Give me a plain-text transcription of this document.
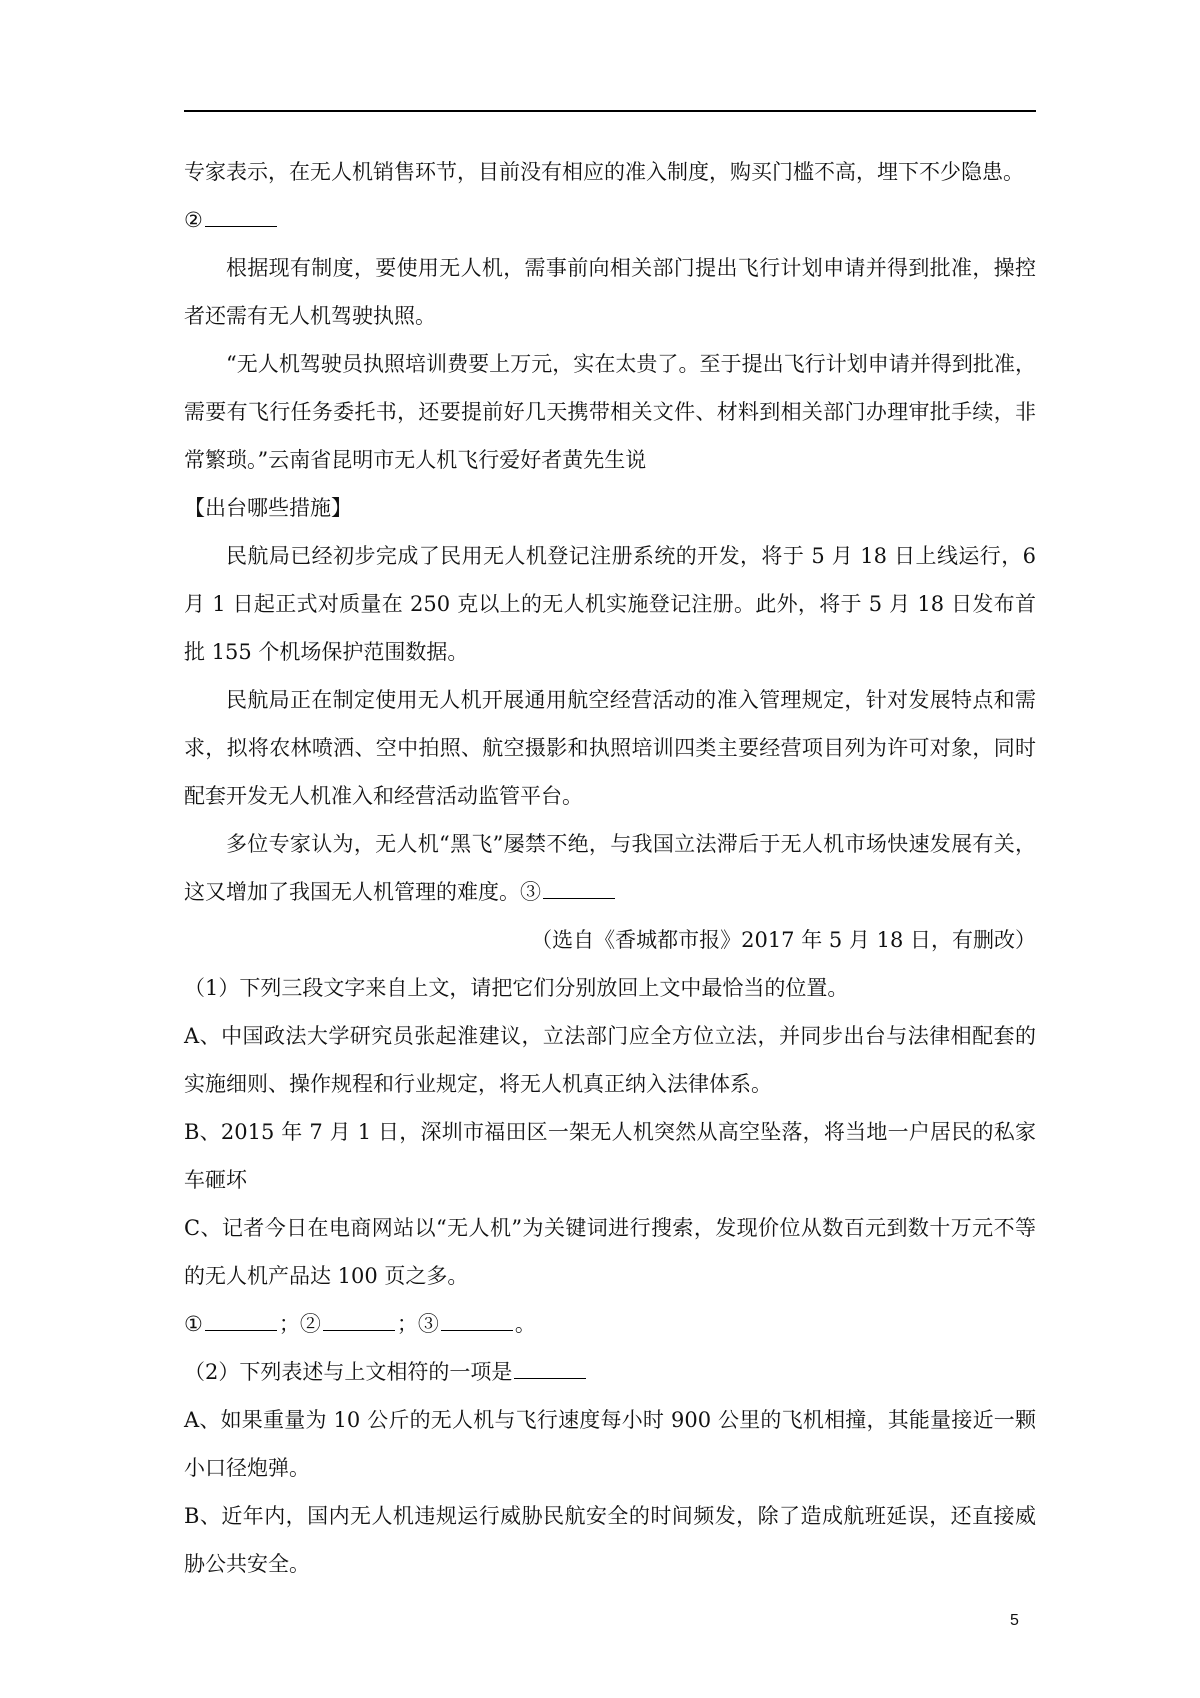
专家表示，在无人机销售环节，目前没有相应的准入制度，购买门槛不高，埋下不少隐患。

②

根据现有制度，要使用无人机，需事前向相关部门提出飞行计划申请并得到批准，操控者还需有无人机驾驶执照。

“无人机驾驶员执照培训费要上万元，实在太贵了。至于提出飞行计划申请并得到批准，需要有飞行任务委托书，还要提前好几天携带相关文件、材料到相关部门办理审批手续，非常繁琐。”云南省昆明市无人机飞行爱好者黄先生说

【出台哪些措施】

民航局已经初步完成了民用无人机登记注册系统的开发，将于 5 月 18 日上线运行，6 月 1 日起正式对质量在 250 克以上的无人机实施登记注册。此外，将于 5 月 18 日发布首批 155 个机场保护范围数据。

民航局正在制定使用无人机开展通用航空经营活动的准入管理规定，针对发展特点和需求，拟将农林喷洒、空中拍照、航空摄影和执照培训四类主要经营项目列为许可对象，同时配套开发无人机准入和经营活动监管平台。

多位专家认为，无人机“黑飞”屡禁不绝，与我国立法滞后于无人机市场快速发展有关，这又增加了我国无人机管理的难度。③

（选自《香城都市报》2017 年 5 月 18 日，有删改）

（1）下列三段文字来自上文，请把它们分别放回上文中最恰当的位置。

A、中国政法大学研究员张起淮建议，立法部门应全方位立法，并同步出台与法律相配套的实施细则、操作规程和行业规定，将无人机真正纳入法律体系。

B、2015 年 7 月 1 日，深圳市福田区一架无人机突然从高空坠落，将当地一户居民的私家车砸坏

C、记者今日在电商网站以“无人机”为关键词进行搜索，发现价位从数百元到数十万元不等的无人机产品达 100 页之多。

①	；②	；③	。

（2）下列表述与上文相符的一项是

A、如果重量为 10 公斤的无人机与飞行速度每小时 900 公里的飞机相撞，其能量接近一颗小口径炮弹。

B、近年内，国内无人机违规运行威胁民航安全的时间频发，除了造成航班延误，还直接威胁公共安全。

5
